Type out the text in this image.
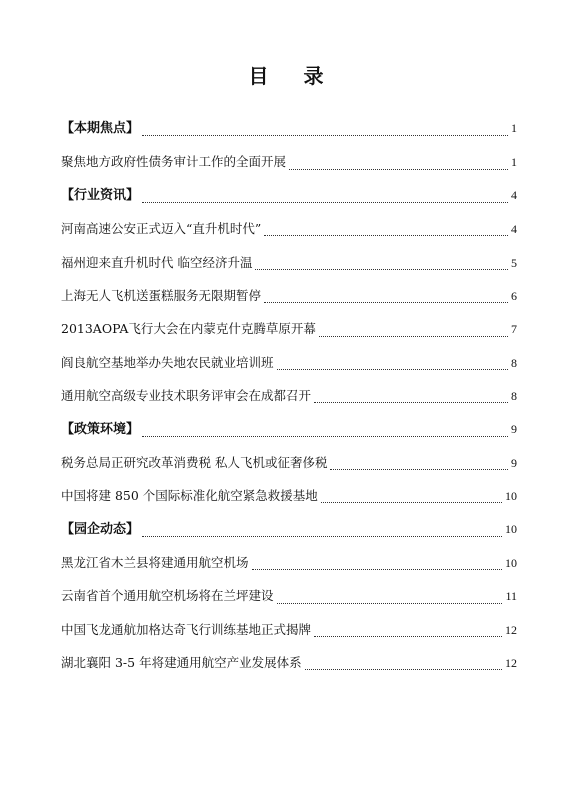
目 录
【本期焦点】	1
聚焦地方政府性债务审计工作的全面开展	1
【行业资讯】	4
河南高速公安正式迈入“直升机时代”	4
福州迎来直升机时代 临空经济升温	5
上海无人飞机送蛋糕服务无限期暂停	6
2013AOPA飞行大会在内蒙克什克腾草原开幕	7
阎良航空基地举办失地农民就业培训班	8
通用航空高级专业技术职务评审会在成都召开	8
【政策环境】	9
税务总局正研究改革消费税 私人飞机或征奢侈税	9
中国将建 850 个国际标准化航空紧急救援基地	10
【园企动态】	10
黑龙江省木兰县将建通用航空机场	10
云南省首个通用航空机场将在兰坪建设	11
中国飞龙通航加格达奇飞行训练基地正式揭牌	12
湖北襄阳 3-5 年将建通用航空产业发展体系	12
